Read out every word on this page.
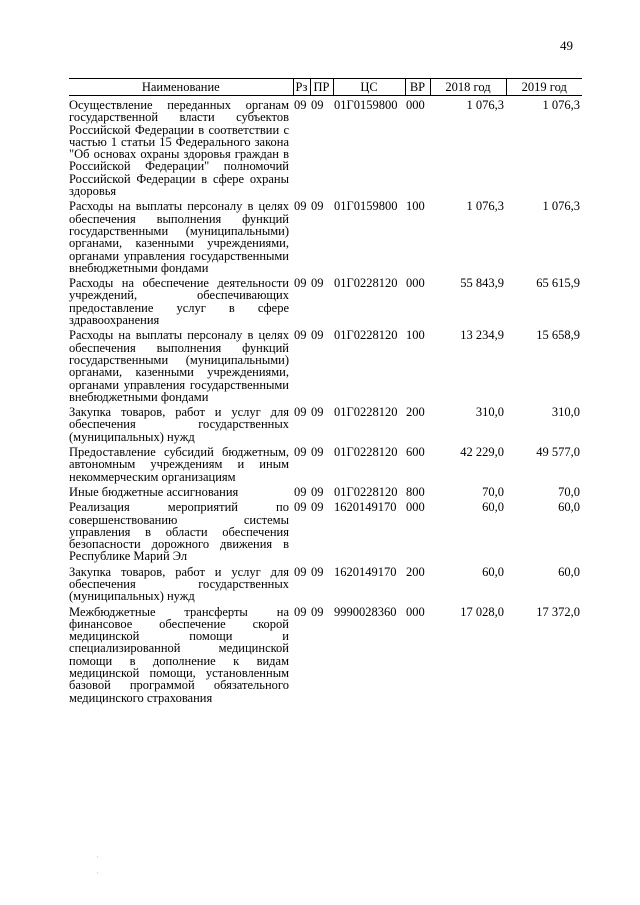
49
Наименование	Рз	ПР	ЦС	ВР	2018 год	2019 год
Осуществление переданных органам государственной власти субъектов Российской Федерации в соответствии с частью 1 статьи 15 Федерального закона "Об основах охраны здоровья граждан в Российской Федерации" полномочий Российской Федерации в сфере охраны здоровья	09	09	01Г0159800	000	1 076,3	1 076,3
Расходы на выплаты персоналу в целях обеспечения выполнения функций государственными (муниципальными) органами, казенными учреждениями, органами управления государственными внебюджетными фондами	09	09	01Г0159800	100	1 076,3	1 076,3
Расходы на обеспечение деятельности учреждений, обеспечивающих предоставление услуг в сфере здравоохранения	09	09	01Г0228120	000	55 843,9	65 615,9
Расходы на выплаты персоналу в целях обеспечения выполнения функций государственными (муниципальными) органами, казенными учреждениями, органами управления государственными внебюджетными фондами	09	09	01Г0228120	100	13 234,9	15 658,9
Закупка товаров, работ и услуг для обеспечения государственных (муниципальных) нужд	09	09	01Г0228120	200	310,0	310,0
Предоставление субсидий бюджетным, автономным учреждениям и иным некоммерческим организациям	09	09	01Г0228120	600	42 229,0	49 577,0
Иные бюджетные ассигнования	09	09	01Г0228120	800	70,0	70,0
Реализация мероприятий по совершенствованию системы управления в области обеспечения безопасности дорожного движения в Республике Марий Эл	09	09	1620149170	000	60,0	60,0
Закупка товаров, работ и услуг для обеспечения государственных (муниципальных) нужд	09	09	1620149170	200	60,0	60,0
Межбюджетные трансферты на финансовое обеспечение скорой медицинской помощи и специализированной медицинской помощи в дополнение к видам медицинской помощи, установленным базовой программой обязательного медицинского страхования	09	09	9990028360	000	17 028,0	17 372,0
·

·
